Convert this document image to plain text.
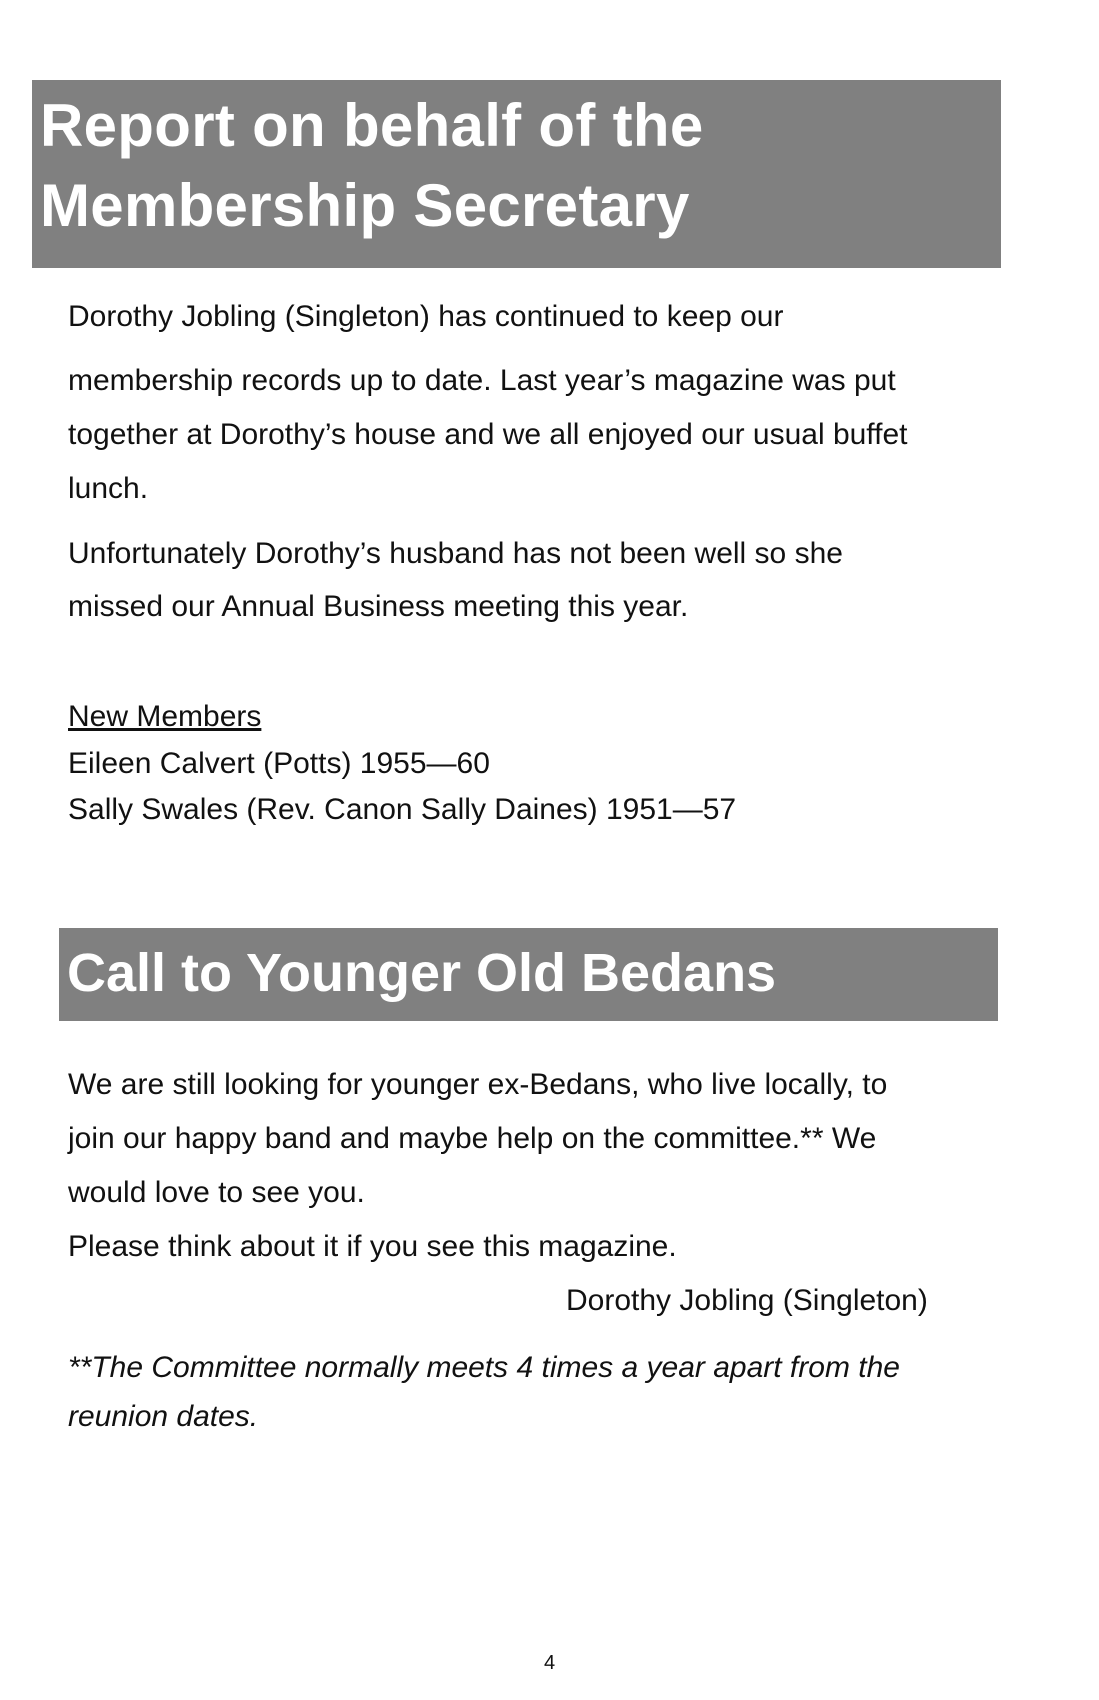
Report on behalf of the
Membership Secretary
Dorothy Jobling (Singleton) has continued to keep our
membership records up to date. Last year’s magazine was put
together at Dorothy’s house and we all enjoyed our usual buffet
lunch.
Unfortunately Dorothy’s husband has not been well so she
missed our Annual Business meeting this year.
New Members
Eileen Calvert (Potts) 1955—60
Sally Swales (Rev. Canon Sally Daines) 1951—57
Call to Younger Old Bedans
We are still looking for younger ex-Bedans, who live locally, to
join our happy band and maybe help on the committee.** We
would love to see you.
Please think about it if you see this magazine.
Dorothy Jobling (Singleton)
**The Committee normally meets 4 times a year apart from the
reunion dates.
4
